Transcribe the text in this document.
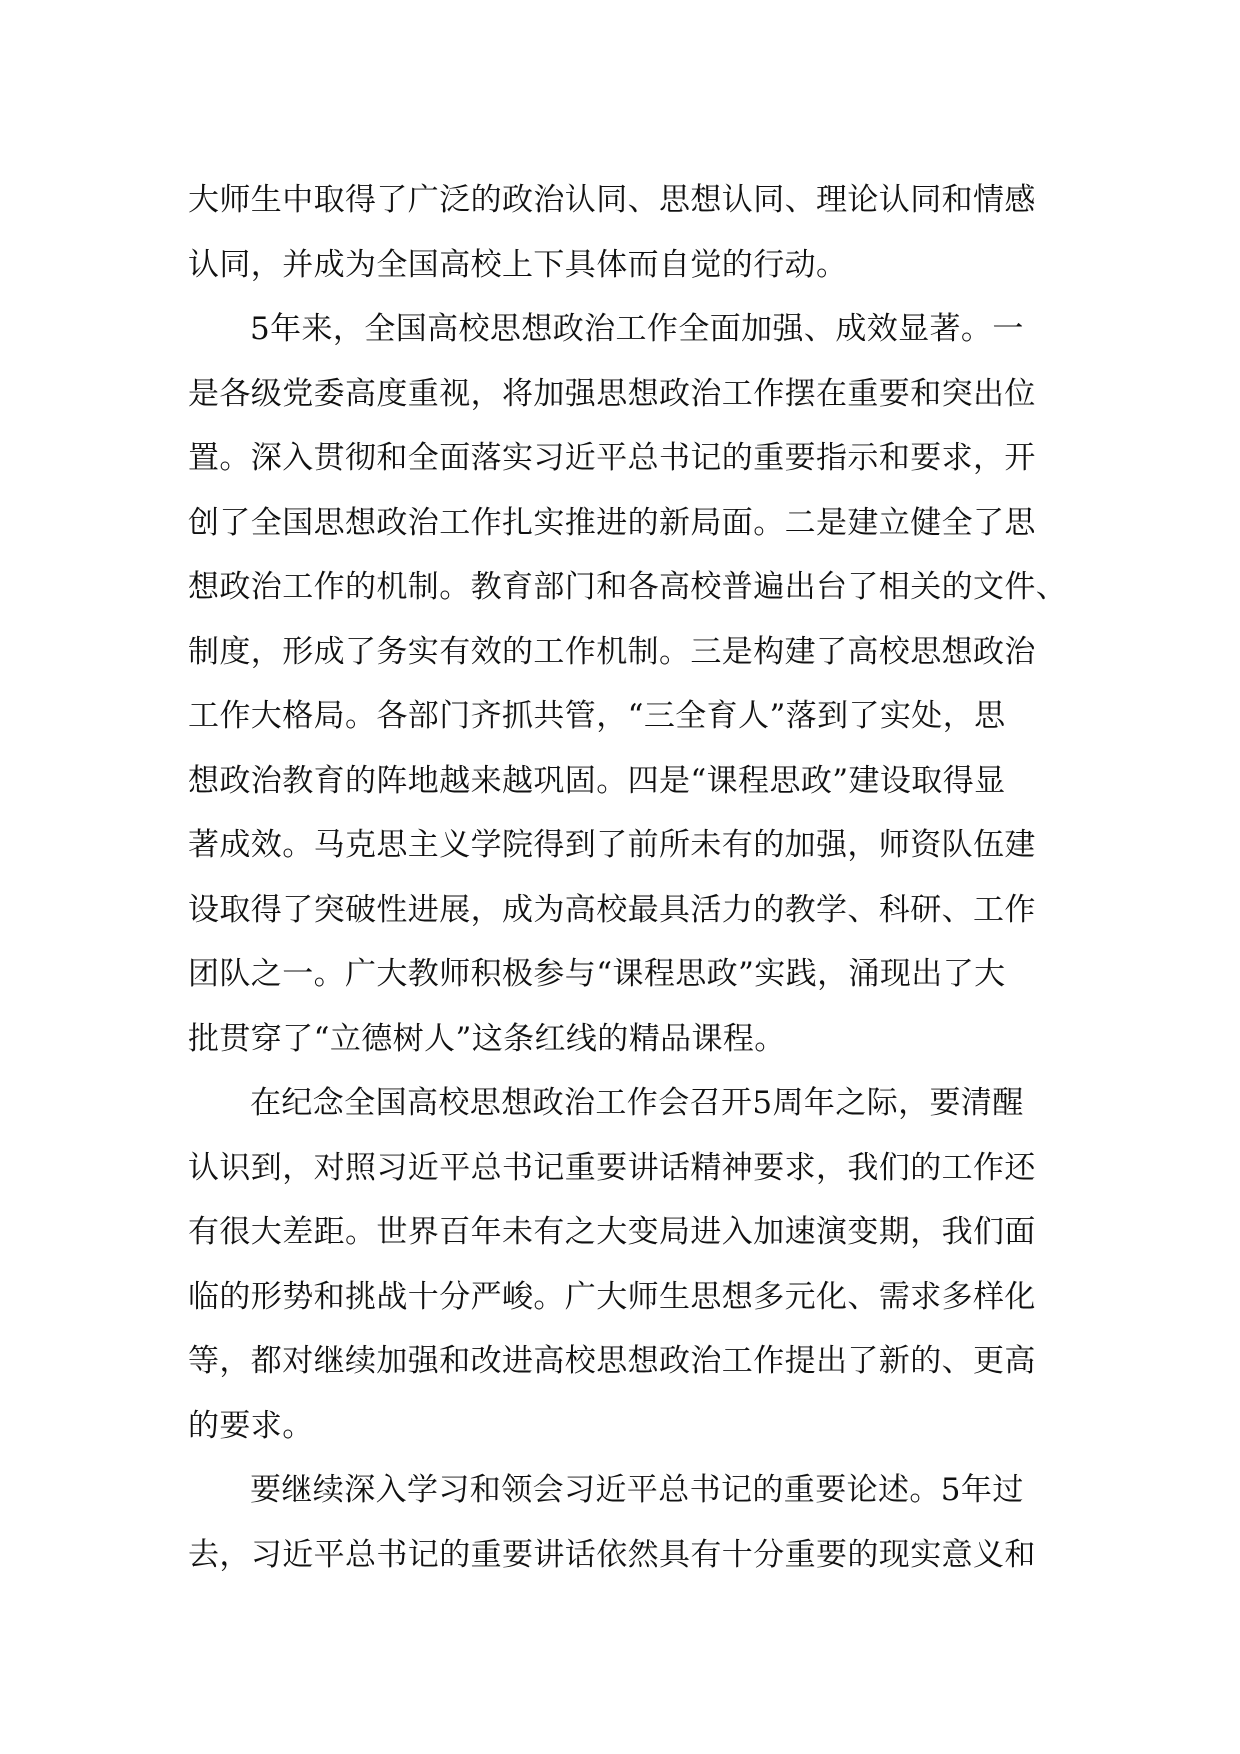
大师生中取得了广泛的政治认同、思想认同、理论认同和情感
认同，并成为全国高校上下具体而自觉的行动。
5年来，全国高校思想政治工作全面加强、成效显著。一
是各级党委高度重视，将加强思想政治工作摆在重要和突出位
置。深入贯彻和全面落实习近平总书记的重要指示和要求，开
创了全国思想政治工作扎实推进的新局面。二是建立健全了思
想政治工作的机制。教育部门和各高校普遍出台了相关的文件、
制度，形成了务实有效的工作机制。三是构建了高校思想政治
工作大格局。各部门齐抓共管，“三全育人”落到了实处，思
想政治教育的阵地越来越巩固。四是“课程思政”建设取得显
著成效。马克思主义学院得到了前所未有的加强，师资队伍建
设取得了突破性进展，成为高校最具活力的教学、科研、工作
团队之一。广大教师积极参与“课程思政”实践，涌现出了大
批贯穿了“立德树人”这条红线的精品课程。
在纪念全国高校思想政治工作会召开5周年之际，要清醒
认识到，对照习近平总书记重要讲话精神要求，我们的工作还
有很大差距。世界百年未有之大变局进入加速演变期，我们面
临的形势和挑战十分严峻。广大师生思想多元化、需求多样化
等，都对继续加强和改进高校思想政治工作提出了新的、更高
的要求。
要继续深入学习和领会习近平总书记的重要论述。5年过
去，习近平总书记的重要讲话依然具有十分重要的现实意义和
